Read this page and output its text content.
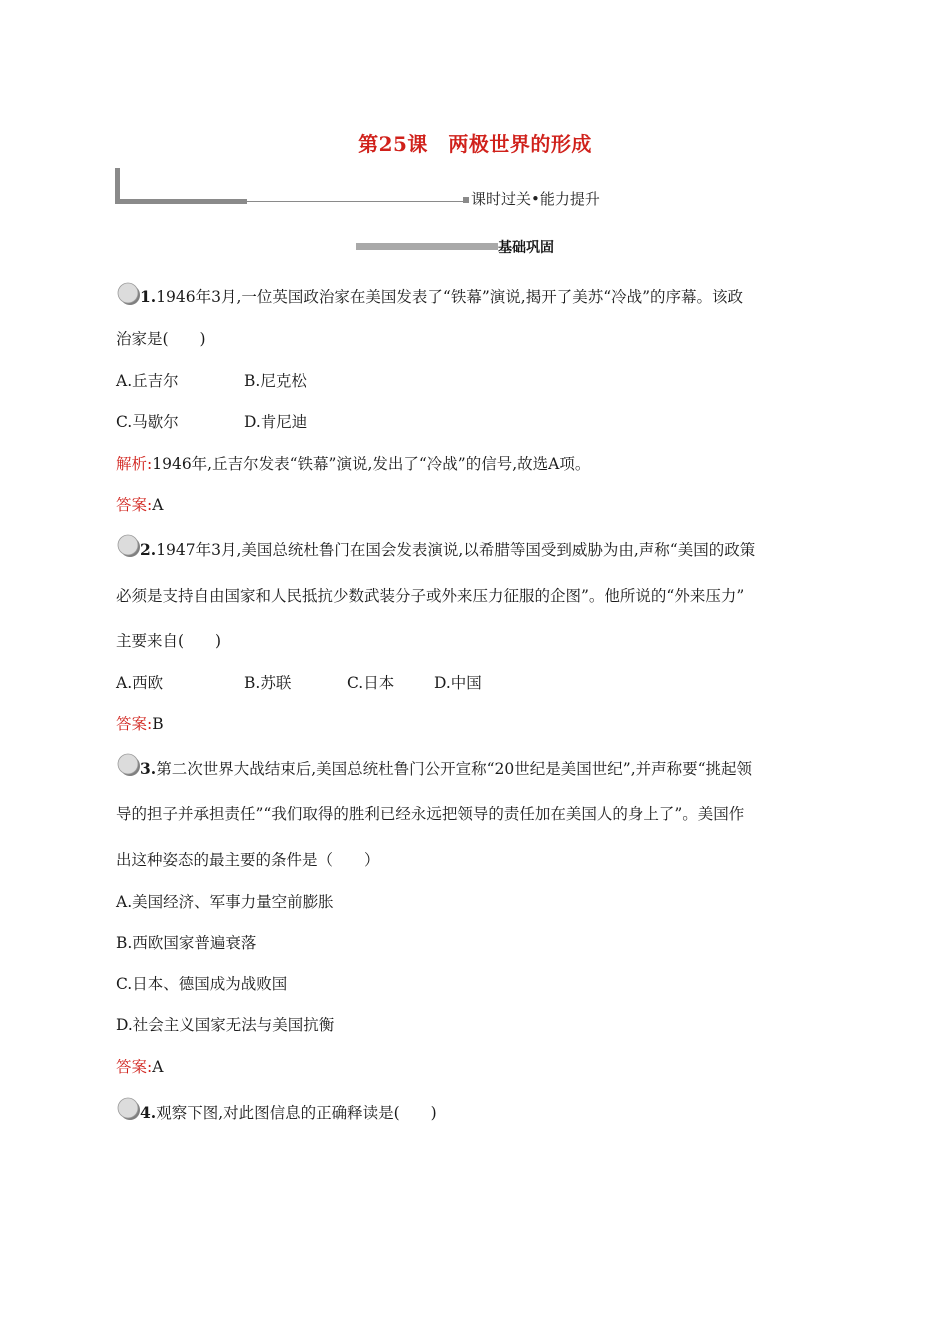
第25课　两极世界的形成
课时过关•能力提升
基础巩固
1.1946年3月,一位英国政治家在美国发表了“铁幕”演说,揭开了美苏“冷战”的序幕。该政
治家是(　　)
A.丘吉尔	B.尼克松
C.马歇尔	D.肯尼迪
解析:1946年,丘吉尔发表“铁幕”演说,发出了“冷战”的信号,故选A项。
答案:A
2.1947年3月,美国总统杜鲁门在国会发表演说,以希腊等国受到威胁为由,声称“美国的政策
必须是支持自由国家和人民抵抗少数武装分子或外来压力征服的企图”。他所说的“外来压力”
主要来自(　　)
A.西欧	B.苏联	C.日本	D.中国
答案:B
3.第二次世界大战结束后,美国总统杜鲁门公开宣称“20世纪是美国世纪”,并声称要“挑起领
导的担子并承担责任”“我们取得的胜利已经永远把领导的责任加在美国人的身上了”。美国作
出这种姿态的最主要的条件是（　　）
A.美国经济、军事力量空前膨胀
B.西欧国家普遍衰落
C.日本、德国成为战败国
D.社会主义国家无法与美国抗衡
答案:A
4.观察下图,对此图信息的正确释读是(　　)
